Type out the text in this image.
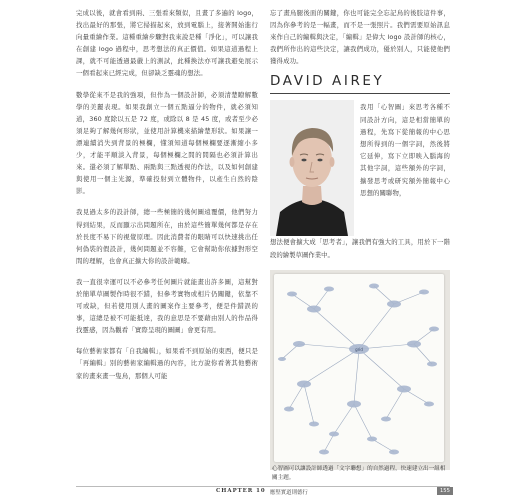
完成以後，就會看到兩、三張看來類似，且畫了多遍的 logo，找出最好的那張，將它掃描起來，放到電腦上，接著開始進行向量重繪作業。這種重繪步驟對我來說是種「淨化」，可以讓我在創建 logo 過程中，思考想法的真正價值。如果這道過程上課，就不可能透過最嚴上的測試，此種換法亦可讓我避免展示一個看起來已經完成，但卻缺乏靈魂的想法。

數學從來不是我的強項，但作為一個設計師，必須清楚瞭解數學的美麗表現。如果我創立一個五點逼分的物件，就必須知道，360 度除以五是 72 度，或除以 8 是 45 度，或者至少必須足夠了解幾何形狀，並使用計算機來描繪楚形狀。如果讓一漂連續消失到背景的極欄，懂須知道每個極欄要逐漸縮小多少，才能平順淡入背景，每個極欄之間的間隔也必須計算出來。還必須了解單點、兩點與三點透視的作法，以及如何創建與使用一個主光源，準確投射到立體物件，以產生自然的陰影。

我見過太多的設計師，總一些極簡的幾何圖遠覆價，他們努力得到結果，反而顯示出問題所在，由於這些簡單幾何都是存在於長度不易下的視覺原理。因此消費者的眼睛可以快速挑出任何偽裝的假設計，幾何問題並不容難，它會幫助你依據對形空間的理解，也會真正擴大你的設計範疇。

我一直很幸運可以不必參考任何圖片就能畫出許多圖，這幫對於簡單草圖製作時很不錯，但參考實物或相片仍關鍵，依靠不可或缺，但若使用別人畫的圖案作主要參考，便是件錯誤的事，這總是被不可能抵達，我的意思是不要藉由別人的作品得找靈感，因為觀看「實際呈現的圖圖」會更有用。

每位藝術家都有「自我編輯」，如果看不到原始的東西，便只是「再編輯」別的藝術家編輯過的內容，比方說你看著其他藝術家的畫來畫一隻鳥，那個人可能

忘了畫鳥腿後面的關鍵，你也可能完全忘記鳥的後肢這件事，因為你參考的是一幅畫，而不是一張照片。我們需要原始訊息來作自己的編輯與決定，「編輯」是偉大 logo 設計師的核心，我們所作出的這些決定，讓我們成功，優於別人，只能使他們獲得成功。

DAVID AIREY
我用「心智圖」來思考各種不同設計方向，這是相當簡單的過程，先寫下從簡報的中心思想所得到的一個字詞，然後將它延伸，寫下立即映入腦海的其他字詞，這些額外的字詞，擴發思考或研究額外簡報中心思想的關聯物，

想法便會擴大成「思考者」，讓我們有強大的工具，用於下一階段的繪製草圖作業中。

grid
心智圖可以讓設計師透過「文字聯想」的自然過程，快速建立出一組相關主題。
CHAPTER 10 應堅實道則德行	155
